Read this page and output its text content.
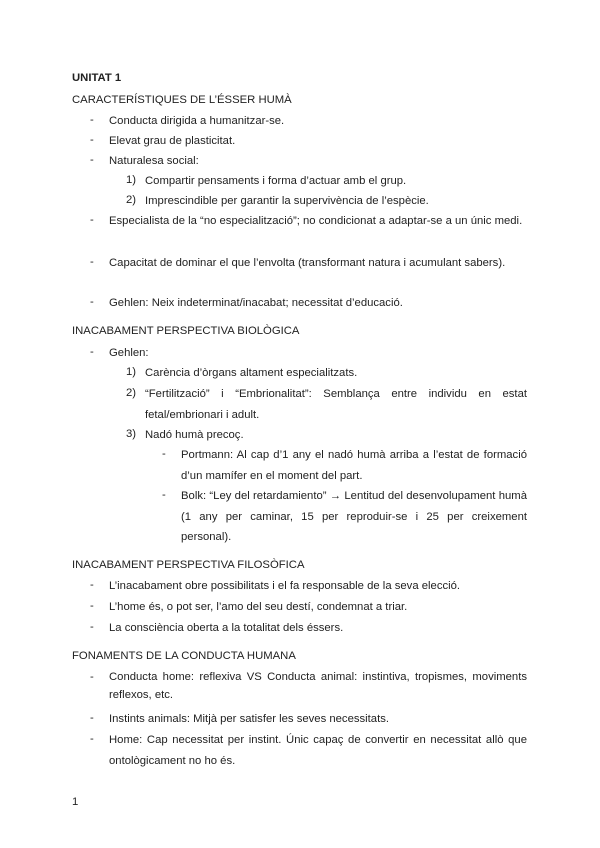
UNITAT 1
CARACTERÍSTIQUES DE L’ÉSSER HUMÀ
- Conducta dirigida a humanitzar-se.
- Elevat grau de plasticitat.
- Naturalesa social:
1) Compartir pensaments i forma d’actuar amb el grup.
2) Imprescindible per garantir la supervivència de l’espècie.
- Especialista de la “no especialització”; no condicionat a adaptar-se a un únic medi.
- Capacitat de dominar el que l’envolta (transformant natura i acumulant sabers).
- Gehlen: Neix indeterminat/inacabat; necessitat d’educació.
INACABAMENT PERSPECTIVA BIOLÒGICA
- Gehlen:
1) Carència d’òrgans altament especialitzats.
2) “Fertilització” i “Embrionalitat”: Semblança entre individu en estat fetal/embrionari i adult.
3) Nadó humà precoç.
- Portmann: Al cap d’1 any el nadó humà arriba a l’estat de formació d’un mamífer en el moment del part.
- Bolk: “Ley del retardamiento” → Lentitud del desenvolupament humà (1 any per caminar, 15 per reproduir-se i 25 per creixement personal).
INACABAMENT PERSPECTIVA FILOSÒFICA
- L’inacabament obre possibilitats i el fa responsable de la seva elecció.
- L’home és, o pot ser, l’amo del seu destí, condemnat a triar.
- La consciència oberta a la totalitat dels éssers.
FONAMENTS DE LA CONDUCTA HUMANA
- Conducta home: reflexiva VS Conducta animal: instintiva, tropismes, moviments reflexos, etc.
- Instints animals: Mitjà per satisfer les seves necessitats.
- Home: Cap necessitat per instint. Únic capaç de convertir en necessitat allò que ontològicament no ho és.
1
